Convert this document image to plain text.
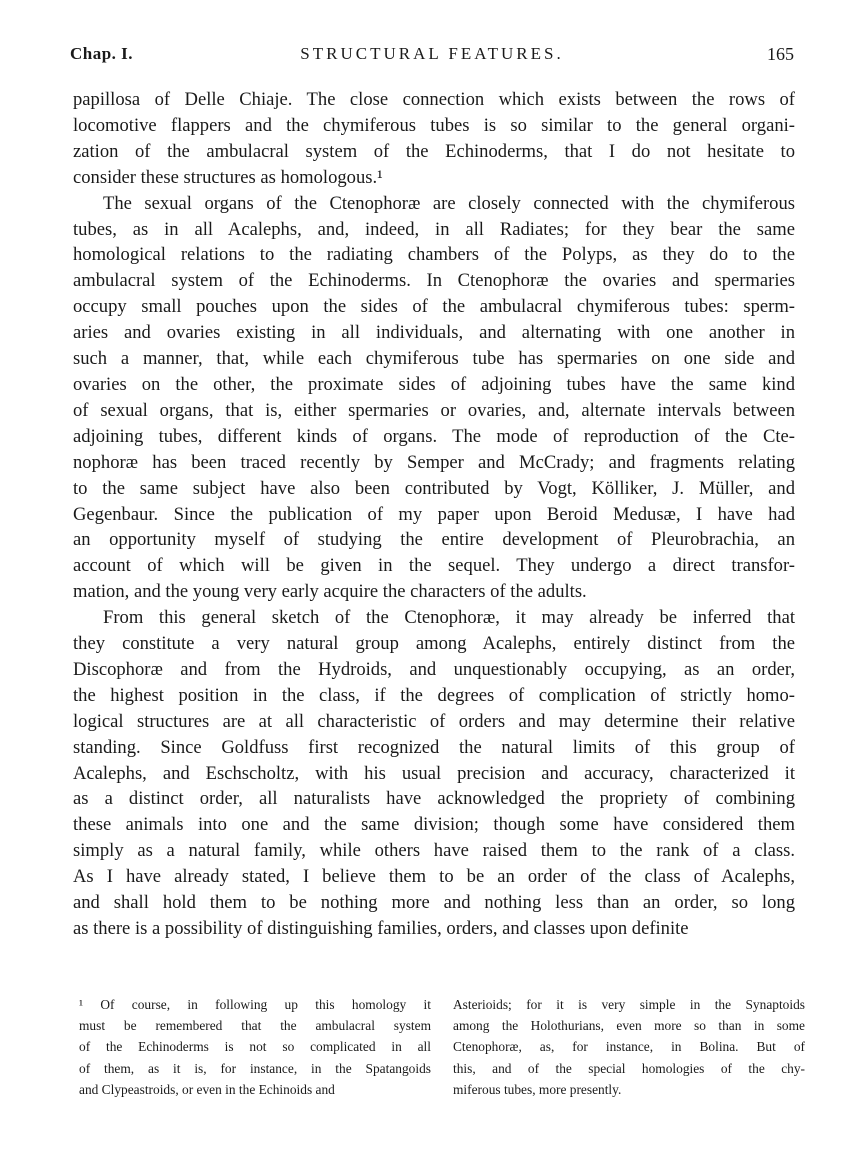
Chap. I.	STRUCTURAL FEATURES.	165

papillosa of Delle Chiaje. The close connection which exists between the rows of
locomotive flappers and the chymiferous tubes is so similar to the general organi-
zation of the ambulacral system of the Echinoderms, that I do not hesitate to
consider these structures as homologous.¹

The sexual organs of the Ctenophoræ are closely connected with the chymiferous
tubes, as in all Acalephs, and, indeed, in all Radiates; for they bear the same
homological relations to the radiating chambers of the Polyps, as they do to the
ambulacral system of the Echinoderms. In Ctenophoræ the ovaries and spermaries
occupy small pouches upon the sides of the ambulacral chymiferous tubes: sperm-
aries and ovaries existing in all individuals, and alternating with one another in
such a manner, that, while each chymiferous tube has spermaries on one side and
ovaries on the other, the proximate sides of adjoining tubes have the same kind
of sexual organs, that is, either spermaries or ovaries, and, alternate intervals between
adjoining tubes, different kinds of organs. The mode of reproduction of the Cte-
nophoræ has been traced recently by Semper and McCrady; and fragments relating
to the same subject have also been contributed by Vogt, Kölliker, J. Müller, and
Gegenbaur. Since the publication of my paper upon Beroid Medusæ, I have had
an opportunity myself of studying the entire development of Pleurobrachia, an
account of which will be given in the sequel. They undergo a direct transfor-
mation, and the young very early acquire the characters of the adults.

From this general sketch of the Ctenophoræ, it may already be inferred that
they constitute a very natural group among Acalephs, entirely distinct from the
Discophoræ and from the Hydroids, and unquestionably occupying, as an order,
the highest position in the class, if the degrees of complication of strictly homo-
logical structures are at all characteristic of orders and may determine their relative
standing. Since Goldfuss first recognized the natural limits of this group of
Acalephs, and Eschscholtz, with his usual precision and accuracy, characterized it
as a distinct order, all naturalists have acknowledged the propriety of combining
these animals into one and the same division; though some have considered them
simply as a natural family, while others have raised them to the rank of a class.
As I have already stated, I believe them to be an order of the class of Acalephs,
and shall hold them to be nothing more and nothing less than an order, so long
as there is a possibility of distinguishing families, orders, and classes upon definite

¹ Of course, in following up this homology it
must be remembered that the ambulacral system
of the Echinoderms is not so complicated in all
of them, as it is, for instance, in the Spatangoids
and Clypeastroids, or even in the Echinoids and
Asterioids; for it is very simple in the Synaptoids
among the Holothurians, even more so than in some
Ctenophoræ, as, for instance, in Bolina. But of
this, and of the special homologies of the chy-
miferous tubes, more presently.
